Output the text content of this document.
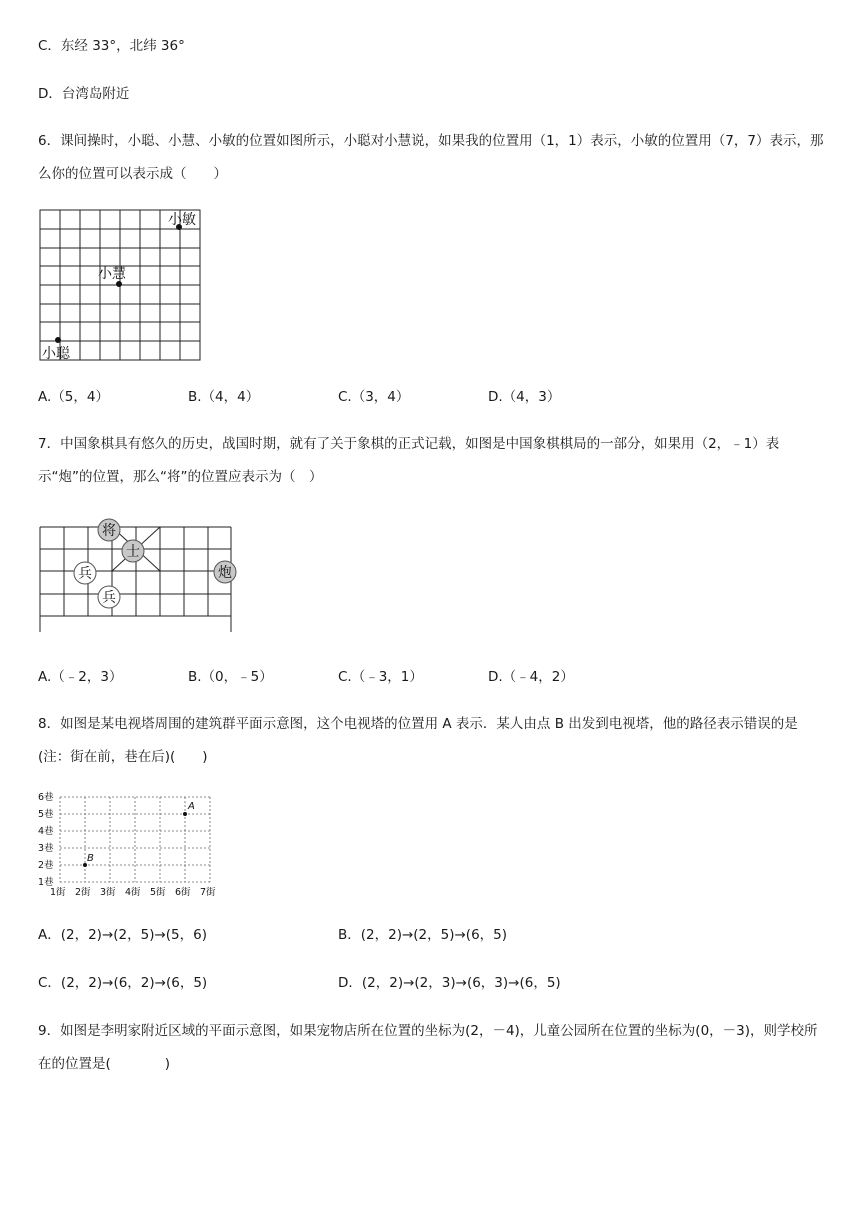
C．东经 33°，北纬 36°
D．台湾岛附近
6．课间操时，小聪、小慧、小敏的位置如图所示，小聪对小慧说，如果我的位置用（1，1）表示，小敏的位置用（7，7）表示，那么你的位置可以表示成（　　）
小敏
小慧
小聪
A.（5，4）	B.（4，4）	C.（3，4）	D.（4，3）
7．中国象棋具有悠久的历史，战国时期，就有了关于象棋的正式记载，如图是中国象棋棋局的一部分，如果用（2，﹣1）表示“炮”的位置，那么“将”的位置应表示为（　）
将
士
兵
兵
炮
A.（﹣2，3）	B.（0，﹣5）	C.（﹣3，1）	D.（﹣4，2）
8．如图是某电视塔周围的建筑群平面示意图，这个电视塔的位置用 A 表示．某人由点 B 出发到电视塔，他的路径表示错误的是(注：街在前，巷在后)(　　)
6巷
5巷
4巷
3巷
2巷
1巷
1街 2街 3街 4街 5街 6街 7街
A
B
A．(2，2)→(2，5)→(5，6)	B．(2，2)→(2，5)→(6，5)
C．(2，2)→(6，2)→(6，5)	D．(2，2)→(2，3)→(6，3)→(6，5)
9．如图是李明家附近区域的平面示意图，如果宠物店所在位置的坐标为(2，－4)，儿童公园所在位置的坐标为(0，－3)，则学校所在的位置是(　　　　)
